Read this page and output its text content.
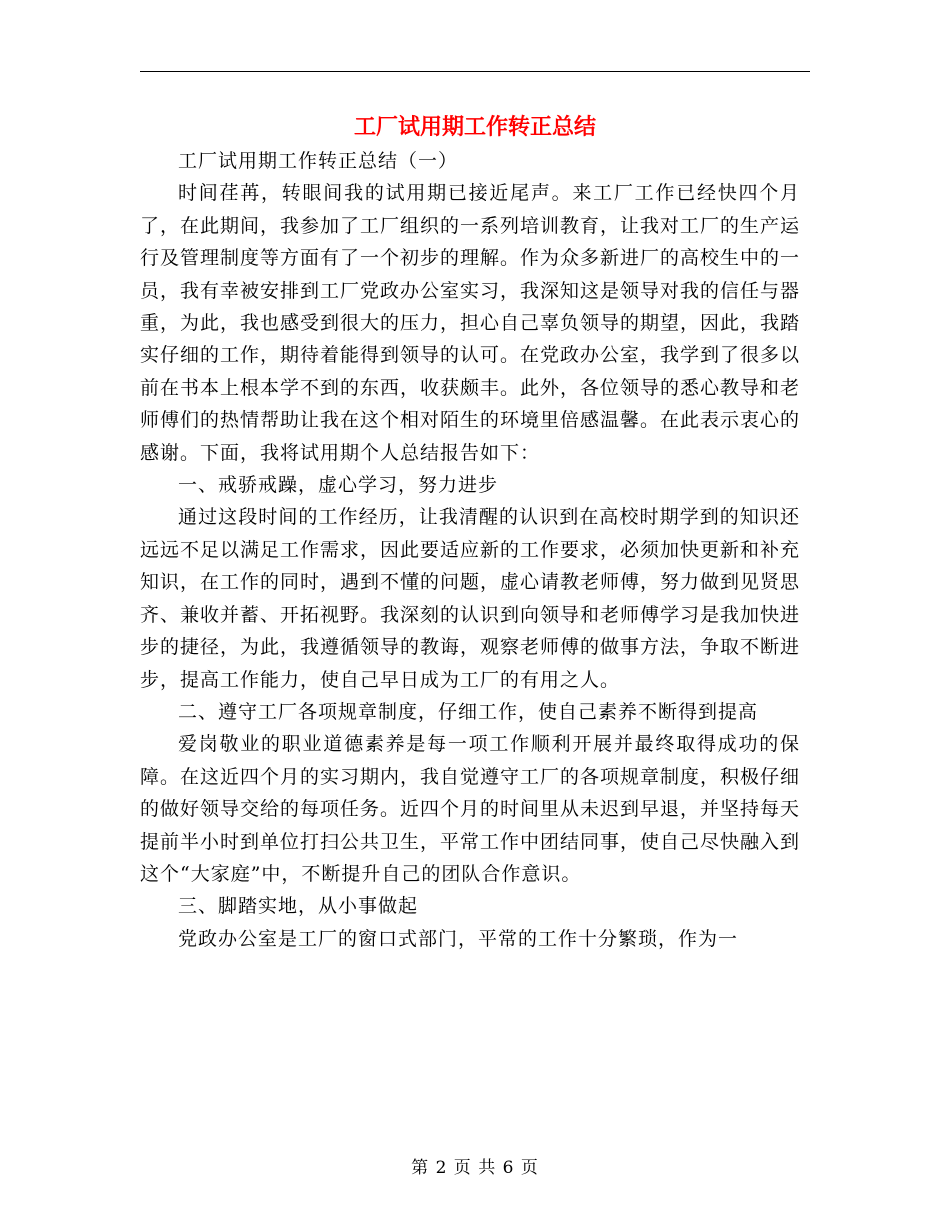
工厂试用期工作转正总结

工厂试用期工作转正总结（一）

时间荏苒，转眼间我的试用期已接近尾声。来工厂工作已经快四个月了，在此期间，我参加了工厂组织的一系列培训教育，让我对工厂的生产运行及管理制度等方面有了一个初步的理解。作为众多新进厂的高校生中的一员，我有幸被安排到工厂党政办公室实习，我深知这是领导对我的信任与器重，为此，我也感受到很大的压力，担心自己辜负领导的期望，因此，我踏实仔细的工作，期待着能得到领导的认可。在党政办公室，我学到了很多以前在书本上根本学不到的东西，收获颇丰。此外，各位领导的悉心教导和老师傅们的热情帮助让我在这个相对陌生的环境里倍感温馨。在此表示衷心的感谢。下面，我将试用期个人总结报告如下：

一、戒骄戒躁，虚心学习，努力进步

通过这段时间的工作经历，让我清醒的认识到在高校时期学到的知识还远远不足以满足工作需求，因此要适应新的工作要求，必须加快更新和补充知识，在工作的同时，遇到不懂的问题，虚心请教老师傅，努力做到见贤思齐、兼收并蓄、开拓视野。我深刻的认识到向领导和老师傅学习是我加快进步的捷径，为此，我遵循领导的教诲，观察老师傅的做事方法，争取不断进步，提高工作能力，使自己早日成为工厂的有用之人。

二、遵守工厂各项规章制度，仔细工作，使自己素养不断得到提高

爱岗敬业的职业道德素养是每一项工作顺利开展并最终取得成功的保障。在这近四个月的实习期内，我自觉遵守工厂的各项规章制度，积极仔细的做好领导交给的每项任务。近四个月的时间里从未迟到早退，并坚持每天提前半小时到单位打扫公共卫生，平常工作中团结同事，使自己尽快融入到这个“大家庭”中，不断提升自己的团队合作意识。

三、脚踏实地，从小事做起

党政办公室是工厂的窗口式部门，平常的工作十分繁琐，作为一

第 2 页 共 6 页
